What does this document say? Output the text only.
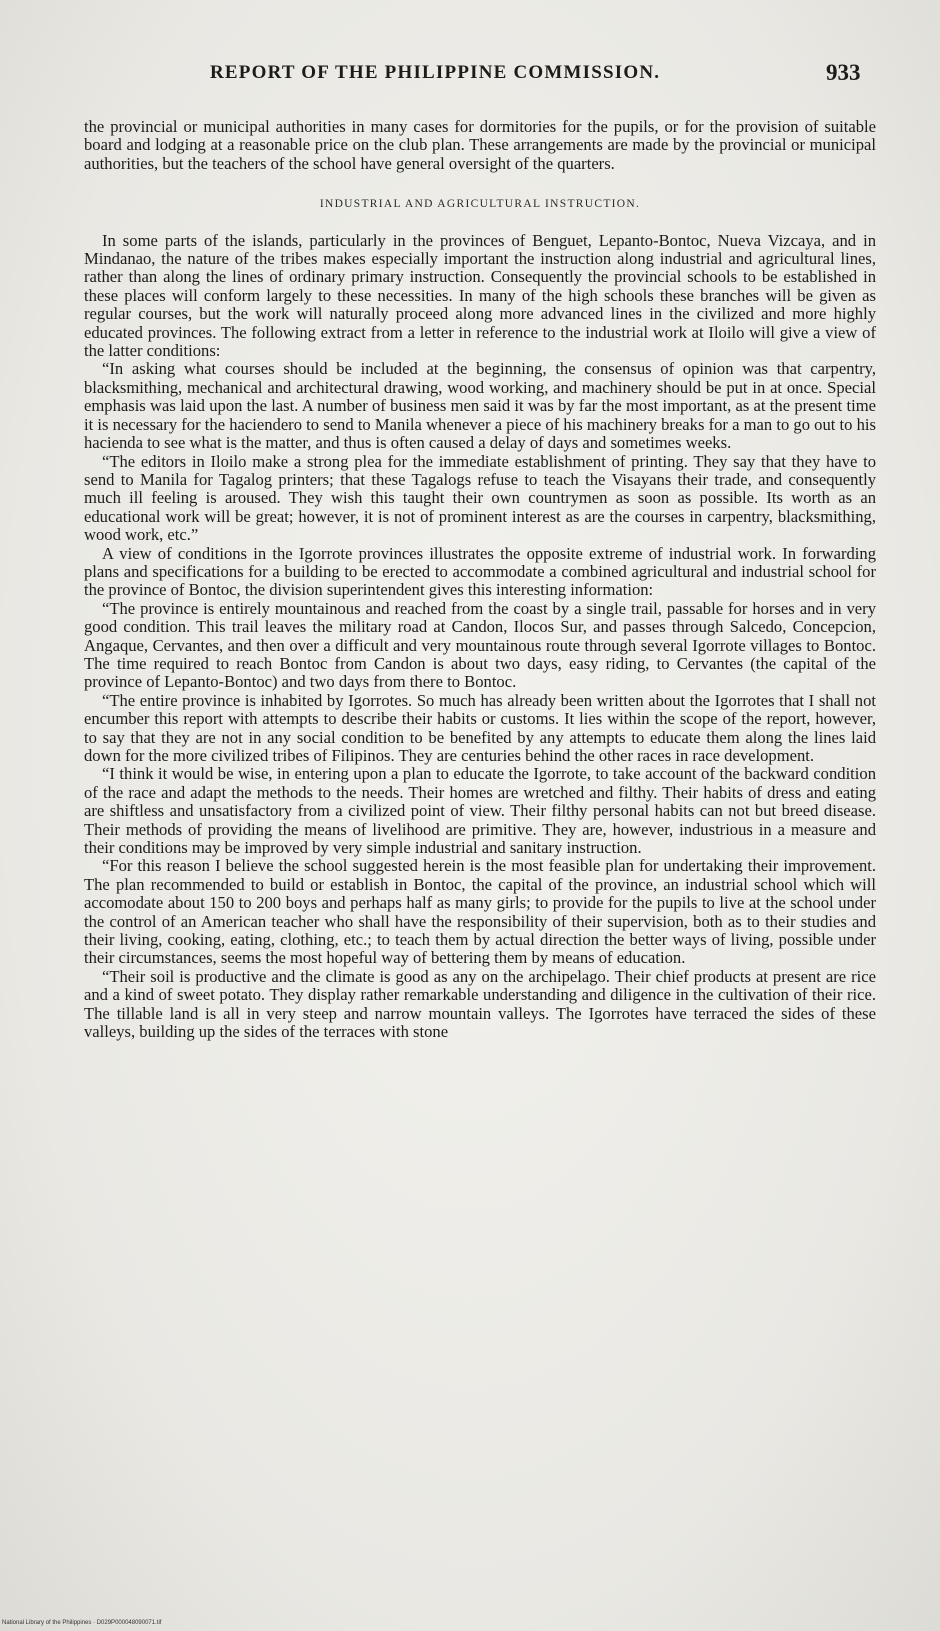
REPORT OF THE PHILIPPINE COMMISSION.	933

the provincial or municipal authorities in many cases for dormitories for the pupils, or for the provision of suitable board and lodging at a reasonable price on the club plan. These arrangements are made by the provincial or municipal authorities, but the teachers of the school have general oversight of the quarters.

INDUSTRIAL AND AGRICULTURAL INSTRUCTION.

In some parts of the islands, particularly in the provinces of Benguet, Lepanto-Bontoc, Nueva Vizcaya, and in Mindanao, the nature of the tribes makes especially important the instruction along industrial and agricultural lines, rather than along the lines of ordinary primary instruction. Consequently the provincial schools to be established in these places will conform largely to these necessities. In many of the high schools these branches will be given as regular courses, but the work will naturally proceed along more advanced lines in the civilized and more highly educated provinces. The following extract from a letter in reference to the industrial work at Iloilo will give a view of the latter conditions:

“In asking what courses should be included at the beginning, the consensus of opinion was that carpentry, blacksmithing, mechanical and architectural drawing, wood working, and machinery should be put in at once. Special emphasis was laid upon the last. A number of business men said it was by far the most important, as at the present time it is necessary for the haciendero to send to Manila whenever a piece of his machinery breaks for a man to go out to his hacienda to see what is the matter, and thus is often caused a delay of days and sometimes weeks.

“The editors in Iloilo make a strong plea for the immediate establishment of printing. They say that they have to send to Manila for Tagalog printers; that these Tagalogs refuse to teach the Visayans their trade, and consequently much ill feeling is aroused. They wish this taught their own countrymen as soon as possible. Its worth as an educational work will be great; however, it is not of prominent interest as are the courses in carpentry, blacksmithing, wood work, etc.”

A view of conditions in the Igorrote provinces illustrates the opposite extreme of industrial work. In forwarding plans and specifications for a building to be erected to accommodate a combined agricultural and industrial school for the province of Bontoc, the division superintendent gives this interesting information:

“The province is entirely mountainous and reached from the coast by a single trail, passable for horses and in very good condition. This trail leaves the military road at Candon, Ilocos Sur, and passes through Salcedo, Concepcion, Angaque, Cervantes, and then over a difficult and very mountainous route through several Igorrote villages to Bontoc. The time required to reach Bontoc from Candon is about two days, easy riding, to Cervantes (the capital of the province of Lepanto-Bontoc) and two days from there to Bontoc.

“The entire province is inhabited by Igorrotes. So much has already been written about the Igorrotes that I shall not encumber this report with attempts to describe their habits or customs. It lies within the scope of the report, however, to say that they are not in any social condition to be benefited by any attempts to educate them along the lines laid down for the more civilized tribes of Filipinos. They are centuries behind the other races in race development.

“I think it would be wise, in entering upon a plan to educate the Igorrote, to take account of the backward condition of the race and adapt the methods to the needs. Their homes are wretched and filthy. Their habits of dress and eating are shiftless and unsatisfactory from a civilized point of view. Their filthy personal habits can not but breed disease. Their methods of providing the means of livelihood are primitive. They are, however, industrious in a measure and their conditions may be improved by very simple industrial and sanitary instruction.

“For this reason I believe the school suggested herein is the most feasible plan for undertaking their improvement. The plan recommended to build or establish in Bontoc, the capital of the province, an industrial school which will accomodate about 150 to 200 boys and perhaps half as many girls; to provide for the pupils to live at the school under the control of an American teacher who shall have the responsibility of their supervision, both as to their studies and their living, cooking, eating, clothing, etc.; to teach them by actual direction the better ways of living, possible under their circumstances, seems the most hopeful way of bettering them by means of education.

“Their soil is productive and the climate is good as any on the archipelago. Their chief products at present are rice and a kind of sweet potato. They display rather remarkable understanding and diligence in the cultivation of their rice. The tillable land is all in very steep and narrow mountain valleys. The Igorrotes have terraced the sides of these valleys, building up the sides of the terraces with stone

National Library of the Philippines · D029P000048090071.tif
